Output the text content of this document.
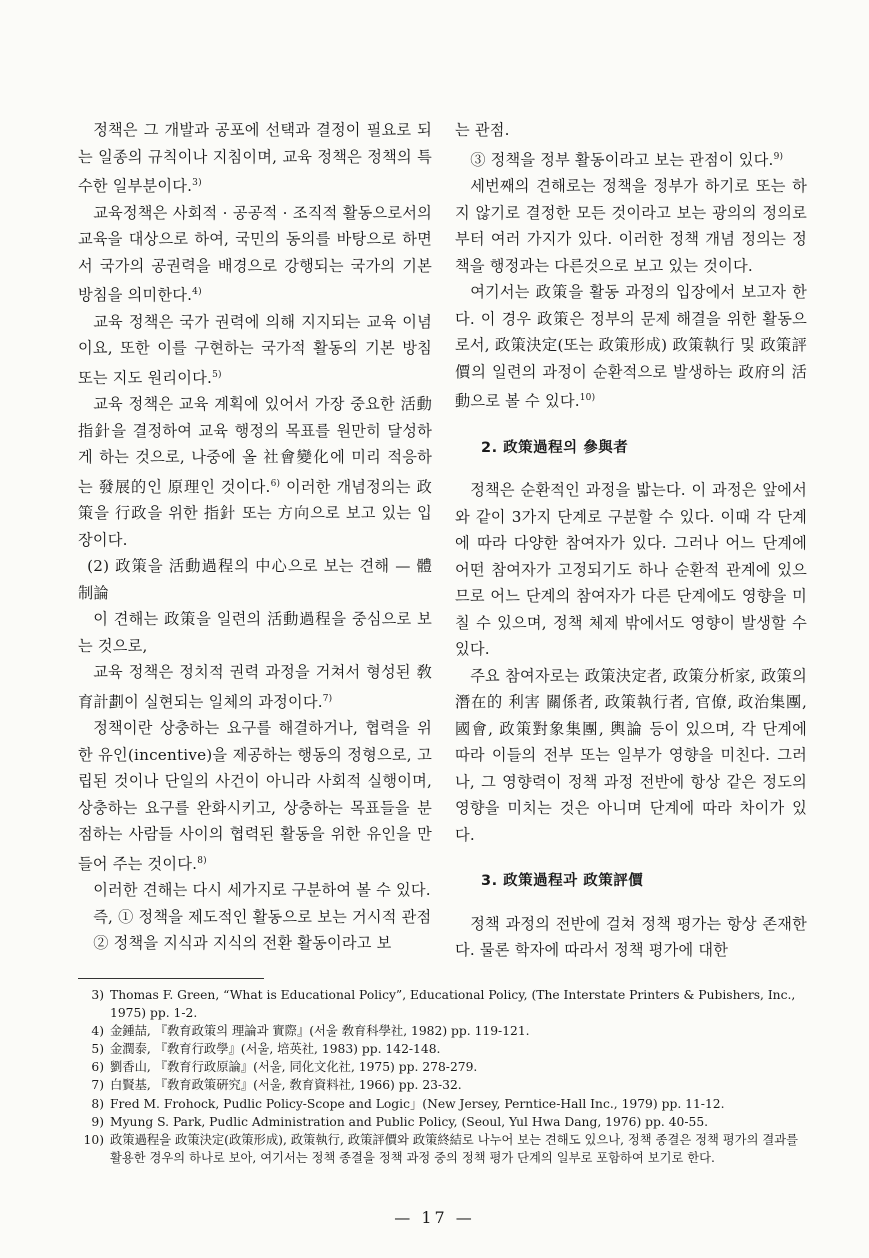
정책은 그 개발과 공포에 선택과 결정이 필요로 되는 일종의 규칙이나 지침이며, 교육 정책은 정책의 특수한 일부분이다.$^{3)}$

교육정책은 사회적 · 공공적 · 조직적 활동으로서의 교육을 대상으로 하여, 국민의 동의를 바탕으로 하면서 국가의 공권력을 배경으로 강행되는 국가의 기본 방침을 의미한다.$^{4)}$

교육 정책은 국가 권력에 의해 지지되는 교육 이념이요, 또한 이를 구현하는 국가적 활동의 기본 방침 또는 지도 원리이다.$^{5)}$

교육 정책은 교육 계획에 있어서 가장 중요한 活動指針을 결정하여 교육 행정의 목표를 원만히 달성하게 하는 것으로, 나중에 올 社會變化에 미리 적응하는 發展的인 原理인 것이다.$^{6)}$ 이러한 개념정의는 政策을 行政을 위한 指針 또는 方向으로 보고 있는 입장이다.

(2) 政策을 活動過程의 中心으로 보는 견해 — 體制論

이 견해는 政策을 일련의 活動過程을 중심으로 보는 것으로,

교육 정책은 정치적 권력 과정을 거쳐서 형성된 敎育計劃이 실현되는 일체의 과정이다.$^{7)}$

정책이란 상충하는 요구를 해결하거나, 협력을 위한 유인(incentive)을 제공하는 행동의 정형으로, 고립된 것이나 단일의 사건이 아니라 사회적 실행이며, 상충하는 요구를 완화시키고, 상충하는 목표들을 분점하는 사람들 사이의 협력된 활동을 위한 유인을 만들어 주는 것이다.$^{8)}$

이러한 견해는 다시 세가지로 구분하여 볼 수 있다.

즉, ① 정책을 제도적인 활동으로 보는 거시적 관점

② 정책을 지식과 지식의 전환 활동이라고 보

는 관점.

③ 정책을 정부 활동이라고 보는 관점이 있다.$^{9)}$

세번째의 견해로는 정책을 정부가 하기로 또는 하지 않기로 결정한 모든 것이라고 보는 광의의 정의로부터 여러 가지가 있다. 이러한 정책 개념 정의는 정책을 행정과는 다른것으로 보고 있는 것이다.

여기서는 政策을 활동 과정의 입장에서 보고자 한다. 이 경우 政策은 정부의 문제 해결을 위한 활동으로서, 政策決定(또는 政策形成) 政策執行 및 政策評價의 일련의 과정이 순환적으로 발생하는 政府의 活動으로 볼 수 있다.$^{10)}$

2. 政策過程의 參與者

정책은 순환적인 과정을 밟는다. 이 과정은 앞에서와 같이 3가지 단계로 구분할 수 있다. 이때 각 단계에 따라 다양한 참여자가 있다. 그러나 어느 단계에 어떤 참여자가 고정되기도 하나 순환적 관계에 있으므로 어느 단계의 참여자가 다른 단계에도 영향을 미칠 수 있으며, 정책 체제 밖에서도 영향이 발생할 수 있다.

주요 참여자로는 政策決定者, 政策分析家, 政策의 潛在的 利害 關係者, 政策執行者, 官僚, 政治集團, 國會, 政策對象集團, 輿論 등이 있으며, 각 단계에 따라 이들의 전부 또는 일부가 영향을 미친다. 그러나, 그 영향력이 정책 과정 전반에 항상 같은 정도의 영향을 미치는 것은 아니며 단계에 따라 차이가 있다.

3. 政策過程과 政策評價

정책 과정의 전반에 걸쳐 정책 평가는 항상 존재한다. 물론 학자에 따라서 정책 평가에 대한

3) Thomas F. Green, “What is Educational Policy”, Educational Policy, (The Interstate Printers & Pubishers, Inc., 1975) pp. 1-2.
4) 金鍾喆, 『敎育政策의 理論과 實際』(서울 敎育科學社, 1982) pp. 119-121.
5) 金潤泰, 『敎育行政學』(서울, 培英社, 1983) pp. 142-148.
6) 劉香山, 『敎育行政原論』(서울, 同化文化社, 1975) pp. 278-279.
7) 白賢基, 『敎育政策硏究』(서울, 敎育資料社, 1966) pp. 23-32.
8) Fred M. Frohock, Pudlic Policy-Scope and Logic」(New Jersey, Perntice-Hall Inc., 1979) pp. 11-12.
9) Myung S. Park, Pudlic Administration and Public Policy, (Seoul, Yul Hwa Dang, 1976) pp. 40-55.
10) 政策過程을 政策決定(政策形成), 政策執行, 政策評價와 政策終結로 나누어 보는 견해도 있으나, 정책 종결은 정책 평가의 결과를 활용한 경우의 하나로 보아, 여기서는 정책 종결을 정책 과정 중의 정책 평가 단계의 일부로 포함하여 보기로 한다.
— 17 —
